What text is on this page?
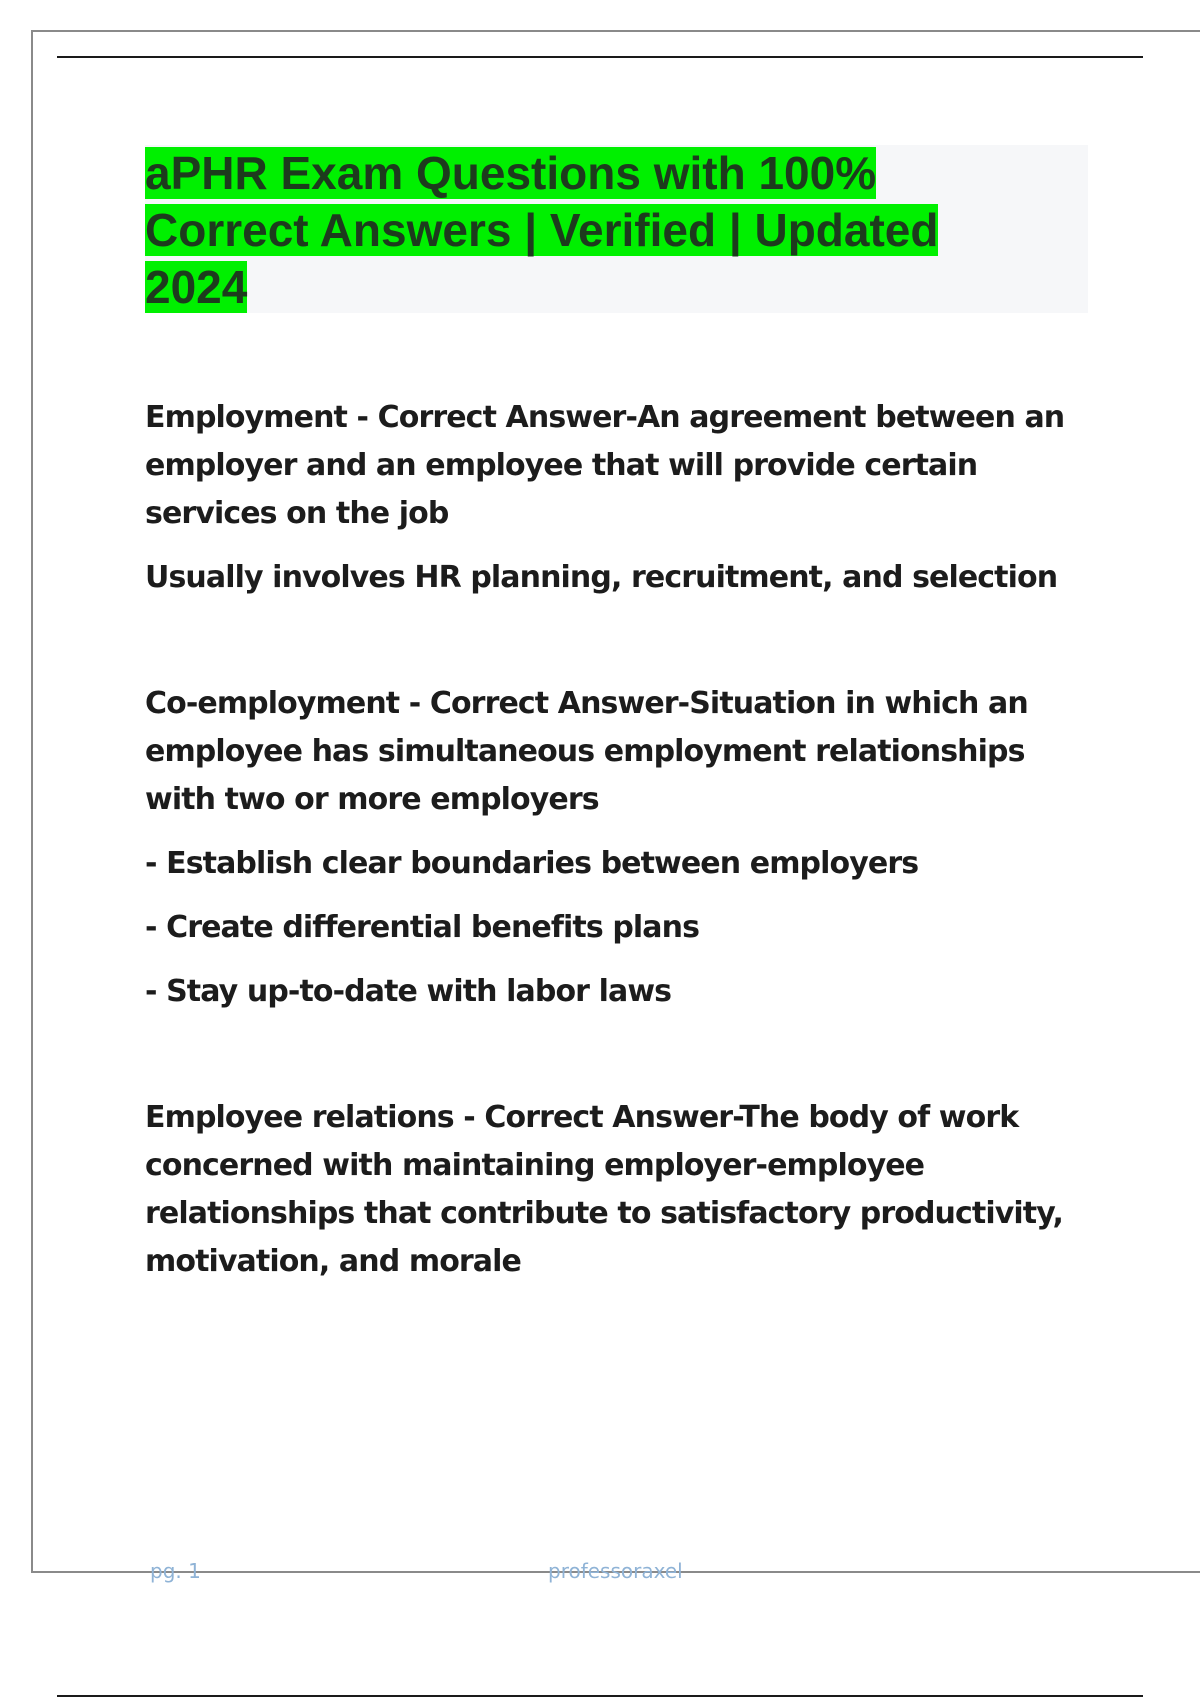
aPHR Exam Questions with 100% Correct Answers | Verified | Updated 2024

Employment - Correct Answer-An agreement between an employer and an employee that will provide certain services on the job

Usually involves HR planning, recruitment, and selection

Co-employment - Correct Answer-Situation in which an employee has simultaneous employment relationships with two or more employers

- Establish clear boundaries between employers

- Create differential benefits plans

- Stay up-to-date with labor laws

Employee relations - Correct Answer-The body of work concerned with maintaining employer-employee relationships that contribute to satisfactory productivity, motivation, and morale

pg. 1	professoraxel
